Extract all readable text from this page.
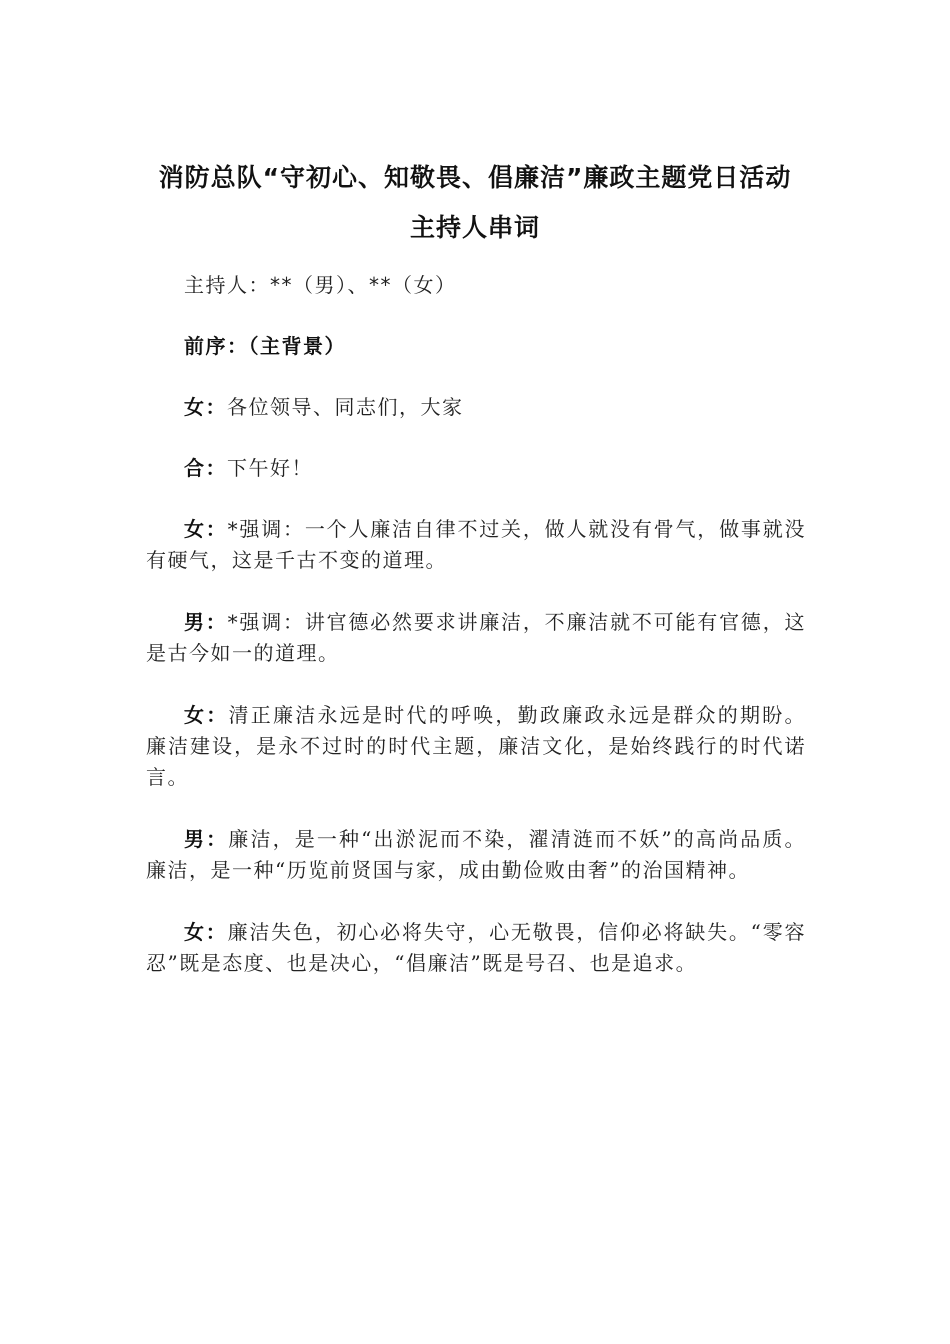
消防总队“守初心、知敬畏、倡廉洁”廉政主题党日活动
主持人串词

主持人：**（男）、**（女）

前序：（主背景）

女：各位领导、同志们，大家

合：下午好！

女：*强调：一个人廉洁自律不过关，做人就没有骨气，做事就没有硬气，这是千古不变的道理。

男：*强调：讲官德必然要求讲廉洁，不廉洁就不可能有官德，这是古今如一的道理。

女：清正廉洁永远是时代的呼唤，勤政廉政永远是群众的期盼。廉洁建设，是永不过时的时代主题，廉洁文化，是始终践行的时代诺言。

男：廉洁，是一种“出淤泥而不染，濯清涟而不妖”的高尚品质。廉洁，是一种“历览前贤国与家，成由勤俭败由奢”的治国精神。

女：廉洁失色，初心必将失守，心无敬畏，信仰必将缺失。“零容忍”既是态度、也是决心，“倡廉洁”既是号召、也是追求。
